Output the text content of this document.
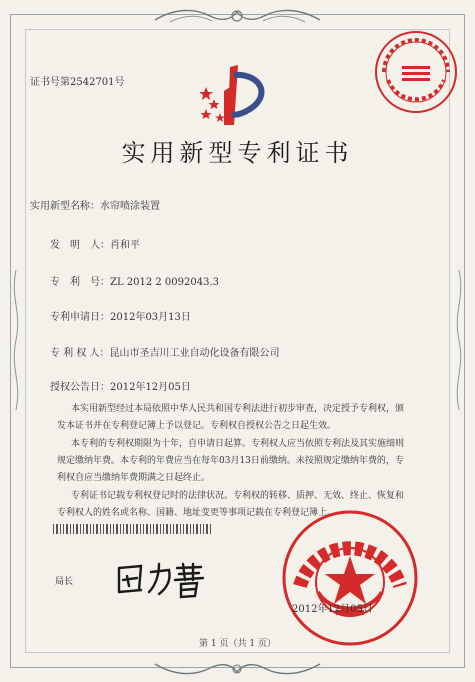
证书号第2542701号
实用新型专利证书
实用新型名称：水帘喷涂装置
发　明　人：肖和平
专　利　号：ZL 2012 2 0092043.3
专利申请日：2012年03月13日
专 利 权 人：昆山市圣吉川工业自动化设备有限公司
授权公告日：2012年12月05日
本实用新型经过本局依照中华人民共和国专利法进行初步审查，决定授予专利权，颁
发本证书并在专利登记簿上予以登记。专利权自授权公告之日起生效。
本专利的专利权期限为十年，自申请日起算。专利权人应当依照专利法及其实施细则
规定缴纳年费。本专利的年费应当在每年03月13日前缴纳。未按照规定缴纳年费的，专
利权自应当缴纳年费期满之日起终止。
专利证书记载专利权登记时的法律状况。专利权的转移、质押、无效、终止、恢复和
专利权人的姓名或名称、国籍、地址变更等事项记载在专利登记簿上。
局长
2012年12月05日
第 1 页（共 1 页）
